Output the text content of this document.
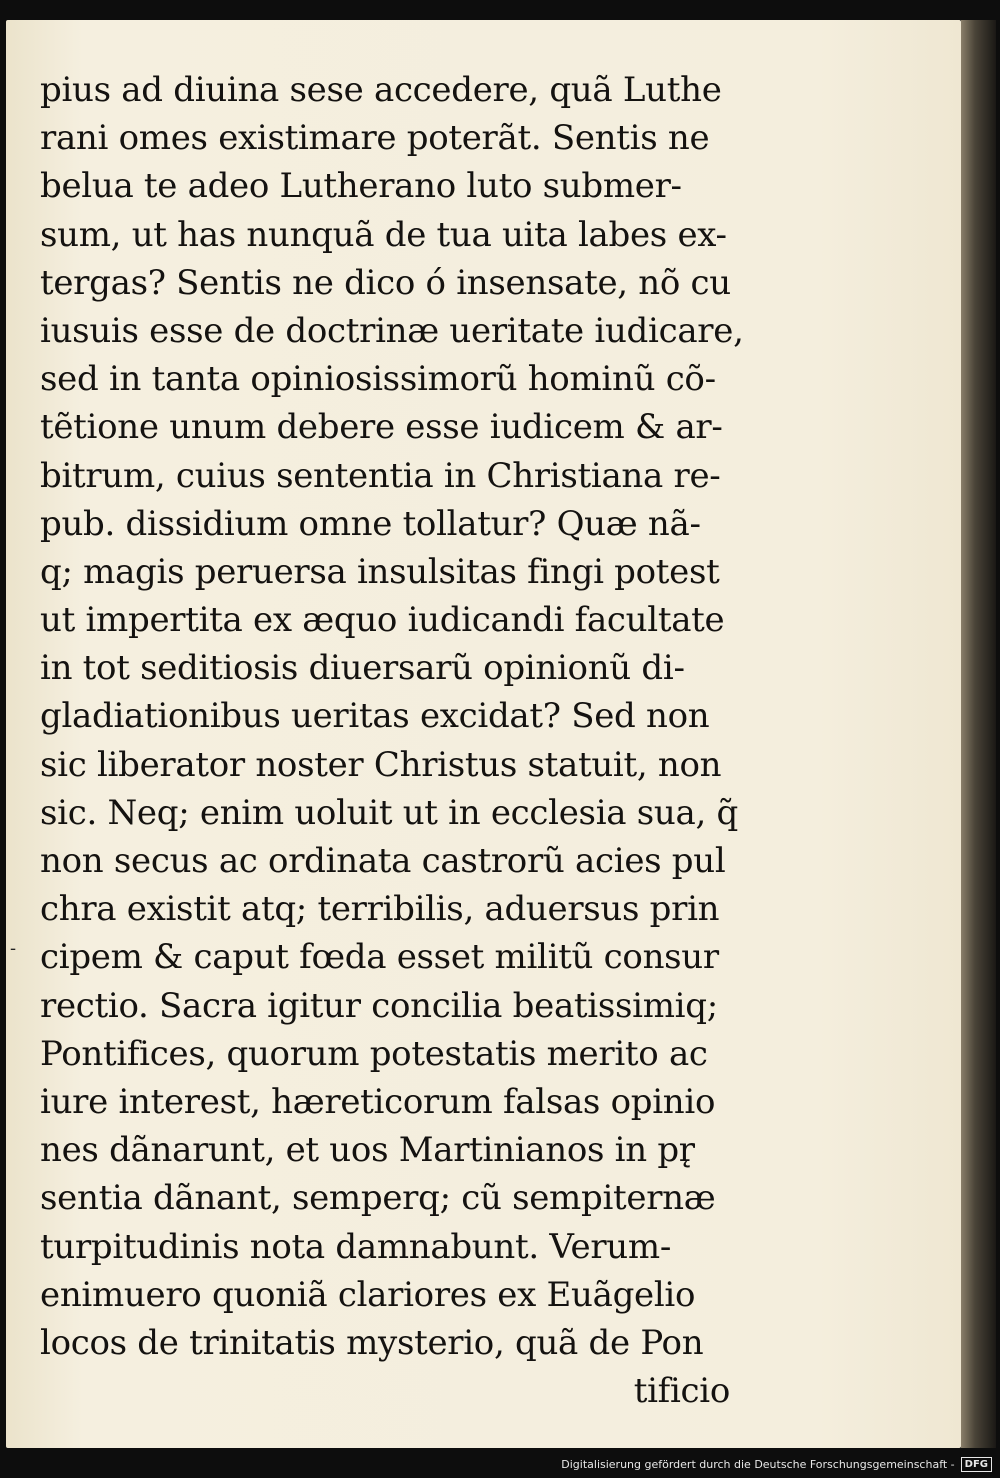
pius ad diuina sese accedere, quã Luthe
rani omes existimare poterãt. Sentis ne
belua te adeo Lutherano luto submer-
sum, ut has nunquã de tua uita labes ex-
tergas? Sentis ne dico ó insensate, nõ cu
iusuis esse de doctrinæ ueritate iudicare,
sed in tanta opiniosissimorũ hominũ cõ-
tẽtione unum debere esse iudicem & ar-
bitrum, cuius sententia in Christiana re-
pub. dissidium omne tollatur? Quæ nã-
q; magis peruersa insulsitas fingi potest
ut impertita ex æquo iudicandi facultate
in tot seditiosis diuersarũ opinionũ di-
gladiationibus ueritas excidat? Sed non
sic liberator noster Christus statuit, non
sic. Neq; enim uoluit ut in ecclesia sua, q̃
non secus ac ordinata castrorũ acies pul
chra existit atq; terribilis, aduersus prin
cipem & caput fœda esset militũ consur
rectio. Sacra igitur concilia beatissimiq;
Pontifices, quorum potestatis merito ac
iure interest, hæreticorum falsas opinio
nes dãnarunt, et uos Martinianos in pr̨
sentia dãnant, semperq; cũ sempiternæ
turpitudinis nota damnabunt. Verum-
enimuero quoniã clariores ex Euãgelio
locos de trinitatis mysterio, quã de Pon
tificio
-
Digitalisierung gefördert durch die Deutsche Forschungsgemeinschaft -	DFG
